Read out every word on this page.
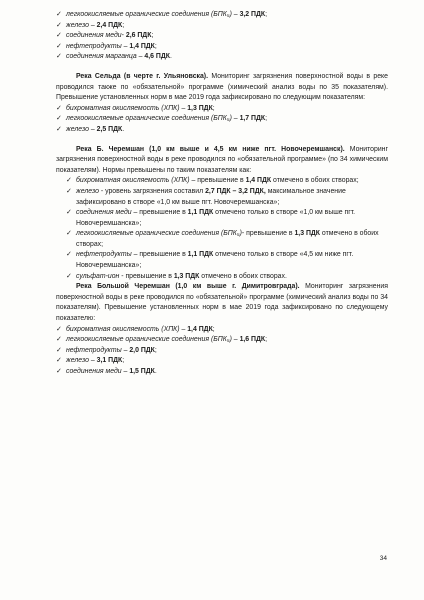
✓ легкоокисляемые органические соединения (БПК₅) – 3,2 ПДК;
✓ железо – 2,4 ПДК;
✓ соединения меди- 2,6 ПДК;
✓ нефтепродукты – 1,4 ПДК;
✓ соединения марганца – 4,6 ПДК.

Река Сельда (в черте г. Ульяновска). Мониторинг загрязнения поверхностной воды в реке проводился также по «обязательной» программе (химический анализ воды по 35 показателям). Превышение установленных норм в мае 2019 года зафиксировано по следующим показателям:

✓ бихроматная окисляемость (ХПК) – 1,3 ПДК;
✓ легкоокисляемые органические соединения (БПК₅) – 1,7 ПДК;
✓ железо – 2,5 ПДК.

Река Б. Черемшан (1,0 км выше и 4,5 км ниже пгт. Новочеремшанск). Мониторинг загрязнения поверхностной воды в реке проводился по «обязательной программе» (по 34 химическим показателям). Нормы превышены по таким показателям как:

✓ бихроматная окисляемость (ХПК) – превышение в 1,4 ПДК отмечено в обоих створах;
✓ железо - уровень загрязнения составил 2,7 ПДК – 3,2 ПДК, максимальное значение зафиксировано в створе «1,0 км выше пгт. Новочеремшанска»;
✓ соединения меди – превышение в 1,1 ПДК отмечено только в створе «1,0 км выше пгт. Новочеремшанска»;
✓ легкоокисляемые органические соединения (БПК₅)- превышение в 1,3 ПДК отмечено в обоих створах;
✓ нефтепродукты – превышение в 1,1 ПДК отмечено только в створе «4,5 км ниже пгт. Новочеремшанска»;
✓ сульфат-ион - превышение в 1,3 ПДК отмечено в обоих створах.

Река Большой Черемшан (1,0 км выше г. Димитровграда). Мониторинг загрязнения поверхностной воды в реке проводился по «обязательной» программе (химический анализ воды по 34 показателям). Превышение установленных норм в мае 2019 года зафиксировано по следующему показателю:

✓ бихроматная окисляемость (ХПК) – 1,4 ПДК;
✓ легкоокисляемые органические соединения (БПК₅) – 1,6 ПДК;
✓ нефтепродукты – 2,0 ПДК;
✓ железо – 3,1 ПДК;
✓ соединения меди – 1,5 ПДК.
34
